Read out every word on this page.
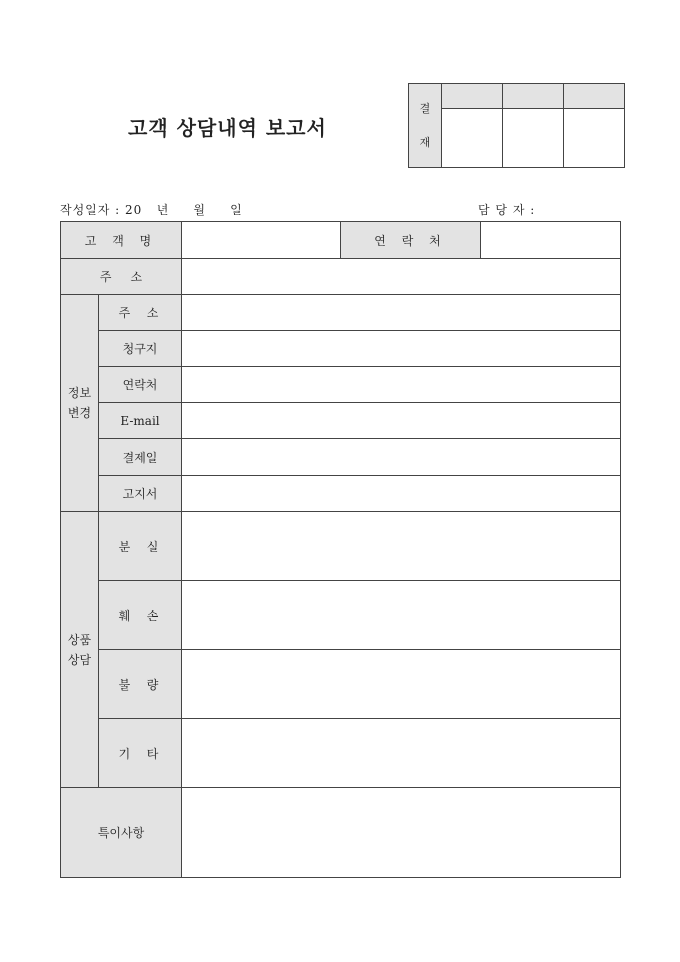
고객 상담내역 보고서
결
재			

작성일자 : 20   년     월     일	담 당 자 :
고 객 명			연 락 처	
주     소				

정보
변경	주  소			
	청구지			
	연락처			
	E-mail			
	결제일			
	고지서			

상품
상담	분  실			
	훼  손			
	불  량			
	기  타			
특이사항				
